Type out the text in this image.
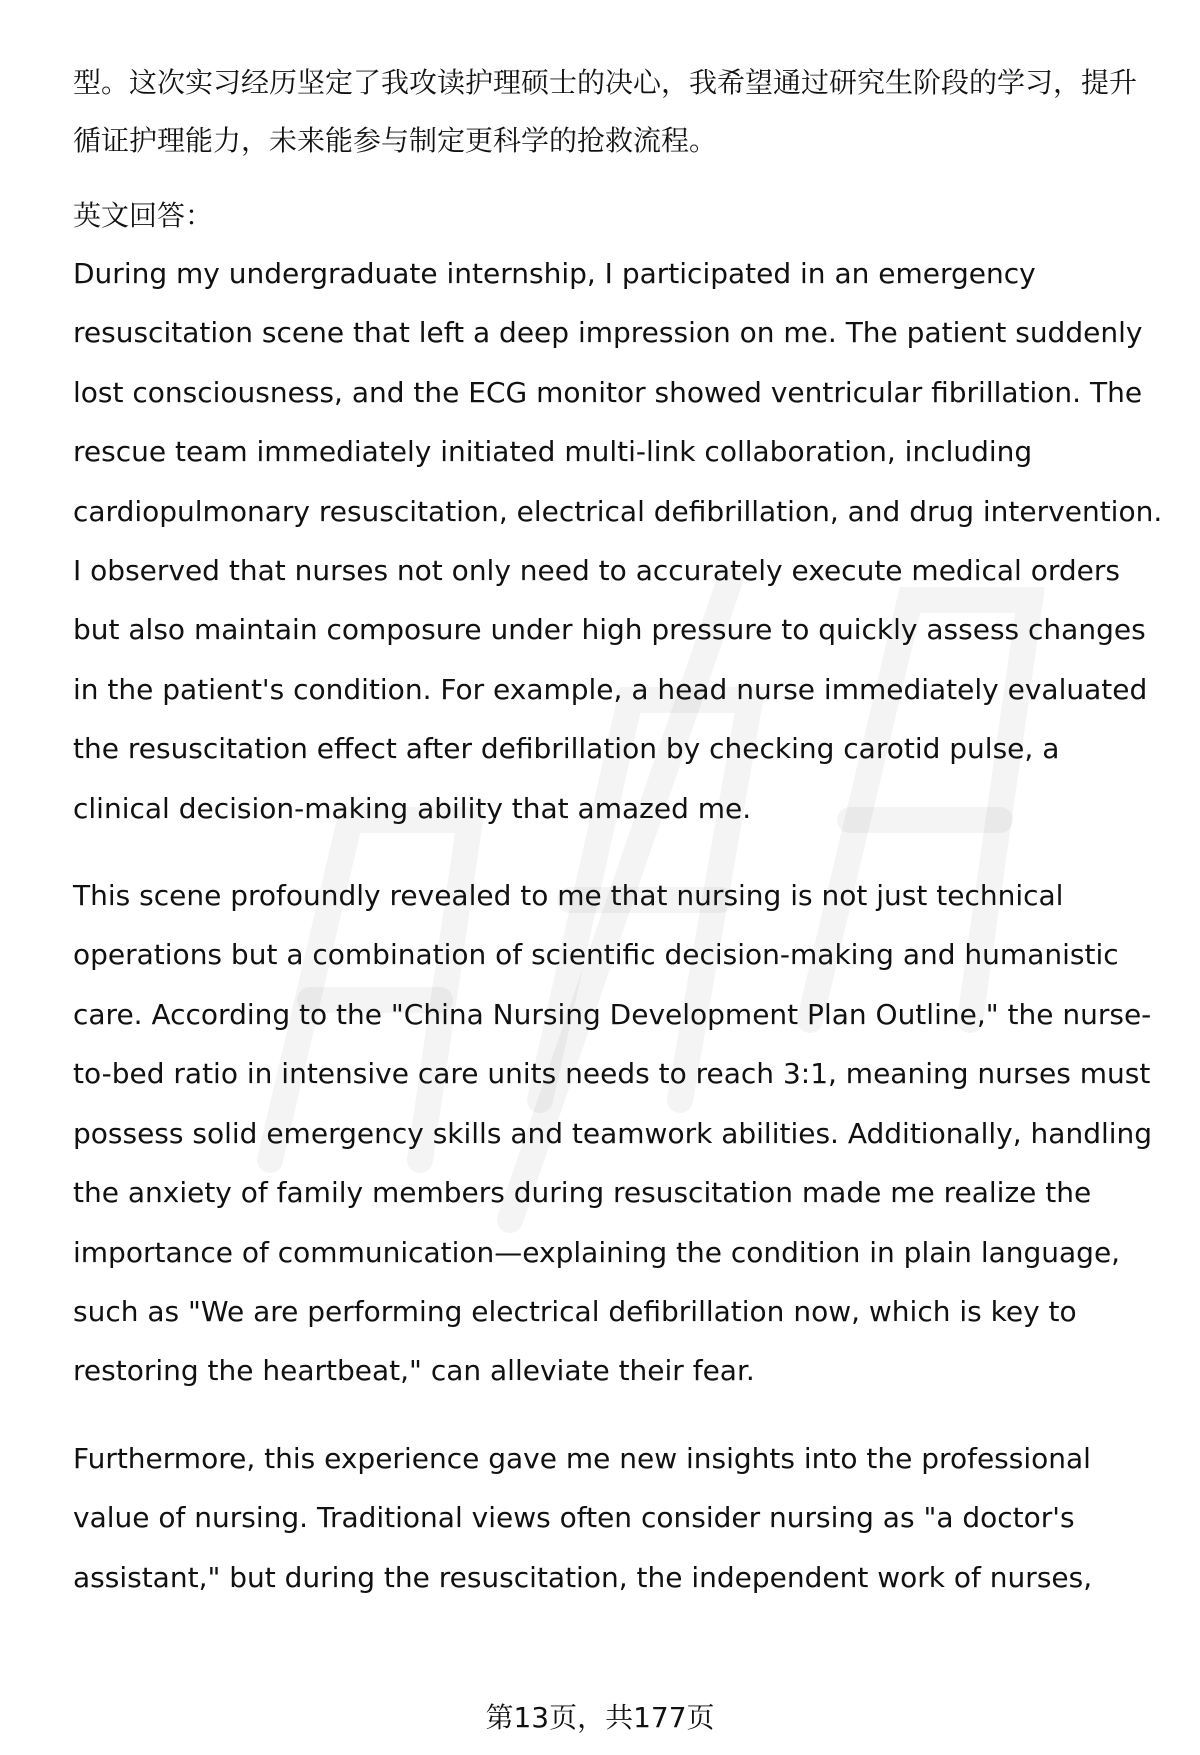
型。这次实习经历坚定了我攻读护理硕士的决心，我希望通过研究生阶段的学习，提升循证护理能力，未来能参与制定更科学的抢救流程。

英文回答：

During my undergraduate internship, I participated in an emergency resuscitation scene that left a deep impression on me. The patient suddenly lost consciousness, and the ECG monitor showed ventricular fibrillation. The rescue team immediately initiated multi-link collaboration, including cardiopulmonary resuscitation, electrical defibrillation, and drug intervention. I observed that nurses not only need to accurately execute medical orders but also maintain composure under high pressure to quickly assess changes in the patient's condition. For example, a head nurse immediately evaluated the resuscitation effect after defibrillation by checking carotid pulse, a clinical decision-making ability that amazed me.

This scene profoundly revealed to me that nursing is not just technical operations but a combination of scientific decision-making and humanistic care. According to the "China Nursing Development Plan Outline," the nurse-to-bed ratio in intensive care units needs to reach 3:1, meaning nurses must possess solid emergency skills and teamwork abilities. Additionally, handling the anxiety of family members during resuscitation made me realize the importance of communication—explaining the condition in plain language, such as "We are performing electrical defibrillation now, which is key to restoring the heartbeat," can alleviate their fear.

Furthermore, this experience gave me new insights into the professional value of nursing. Traditional views often consider nursing as "a doctor's assistant," but during the resuscitation, the independent work of nurses,

第13页，共177页
